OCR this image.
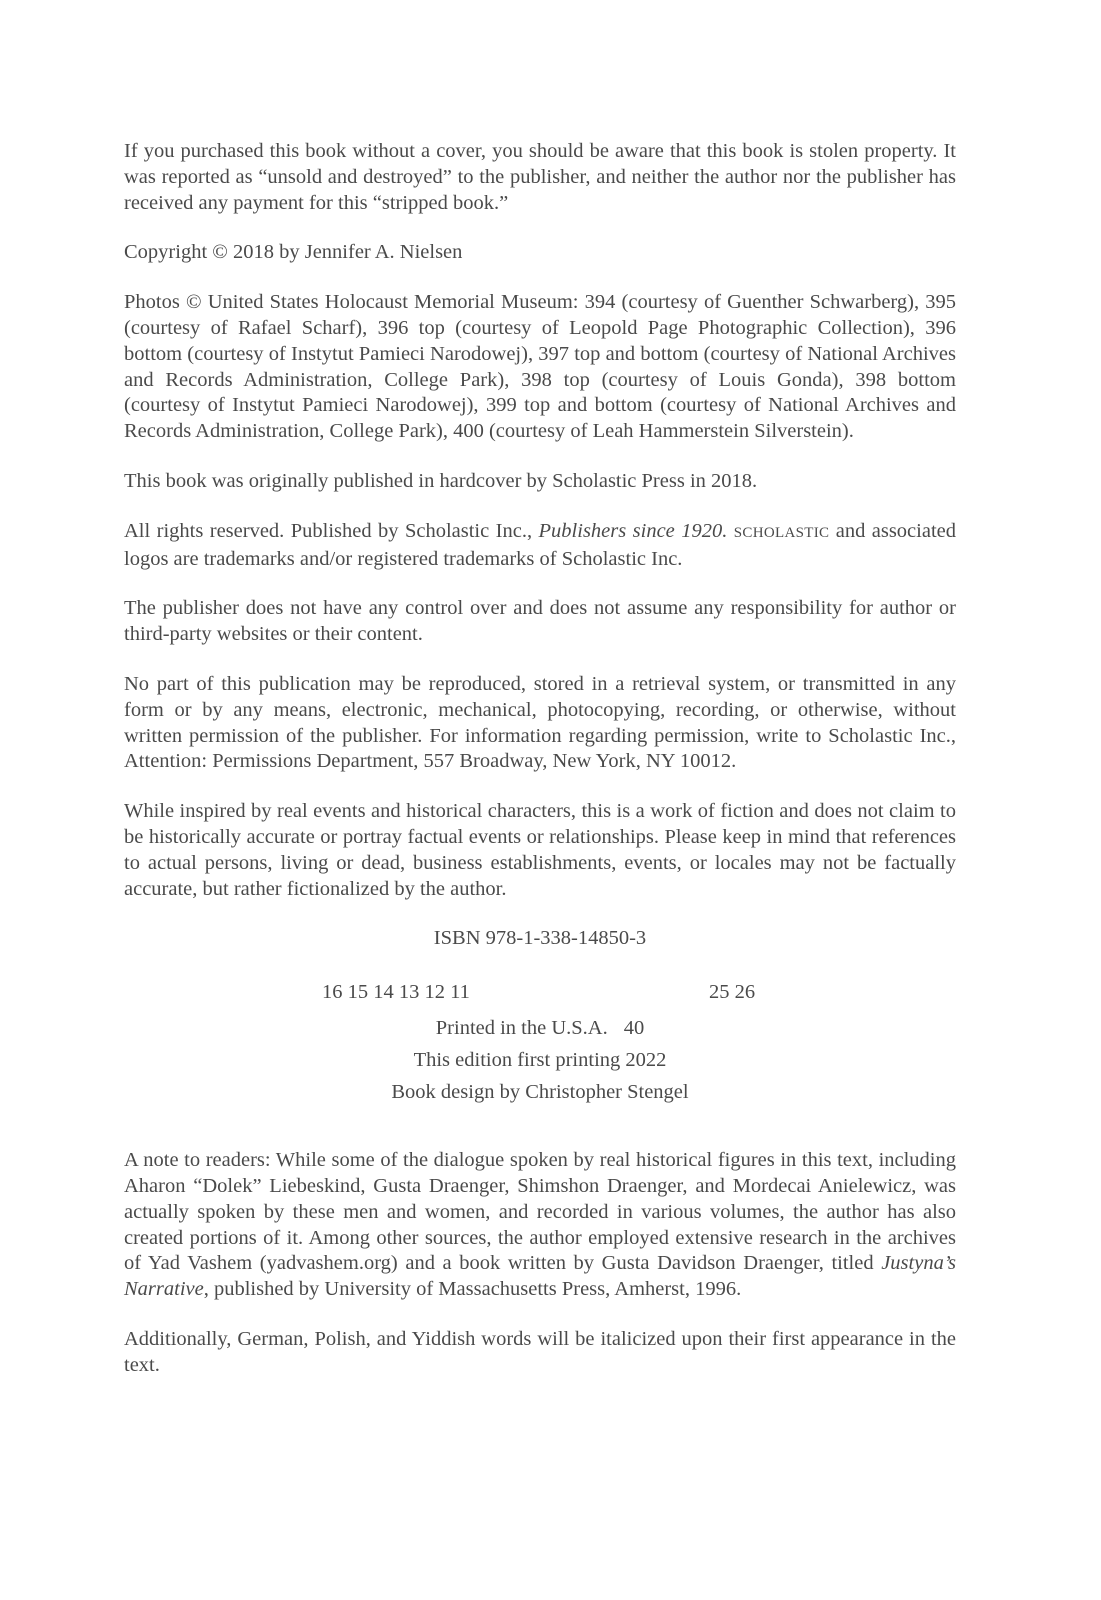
If you purchased this book without a cover, you should be aware that this book is stolen property. It was reported as “unsold and destroyed” to the publisher, and neither the author nor the publisher has received any payment for this “stripped book.”

Copyright © 2018 by Jennifer A. Nielsen

Photos © United States Holocaust Memorial Museum: 394 (courtesy of Guenther Schwarberg), 395 (courtesy of Rafael Scharf), 396 top (courtesy of Leopold Page Photographic Collection), 396 bottom (courtesy of Instytut Pamieci Narodowej), 397 top and bottom (courtesy of National Archives and Records Administration, College Park), 398 top (courtesy of Louis Gonda), 398 bottom (courtesy of Instytut Pamieci Narodowej), 399 top and bottom (courtesy of National Archives and Records Administration, College Park), 400 (courtesy of Leah Hammerstein Silverstein).

This book was originally published in hardcover by Scholastic Press in 2018.

All rights reserved. Published by Scholastic Inc., Publishers since 1920. SCHOLASTIC and associated logos are trademarks and/or registered trademarks of Scholastic Inc.

The publisher does not have any control over and does not assume any responsibility for author or third-party websites or their content.

No part of this publication may be reproduced, stored in a retrieval system, or transmitted in any form or by any means, electronic, mechanical, photocopying, recording, or otherwise, without written permission of the publisher. For information regarding permission, write to Scholastic Inc., Attention: Permissions Department, 557 Broadway, New York, NY 10012.

While inspired by real events and historical characters, this is a work of fiction and does not claim to be historically accurate or portray factual events or relationships. Please keep in mind that references to actual persons, living or dead, business establishments, events, or locales may not be factually accurate, but rather fictionalized by the author.

ISBN 978-1-338-14850-3
16 15 14 13 12 11	25 26
Printed in the U.S.A. 40
This edition first printing 2022
Book design by Christopher Stengel

A note to readers: While some of the dialogue spoken by real historical figures in this text, including Aharon “Dolek” Liebeskind, Gusta Draenger, Shimshon Draenger, and Mordecai Anielewicz, was actually spoken by these men and women, and recorded in various volumes, the author has also created portions of it. Among other sources, the author employed extensive research in the archives of Yad Vashem (yadvashem.org) and a book written by Gusta Davidson Draenger, titled Justyna’s Narrative, published by University of Massachusetts Press, Amherst, 1996.

Additionally, German, Polish, and Yiddish words will be italicized upon their first appearance in the text.
